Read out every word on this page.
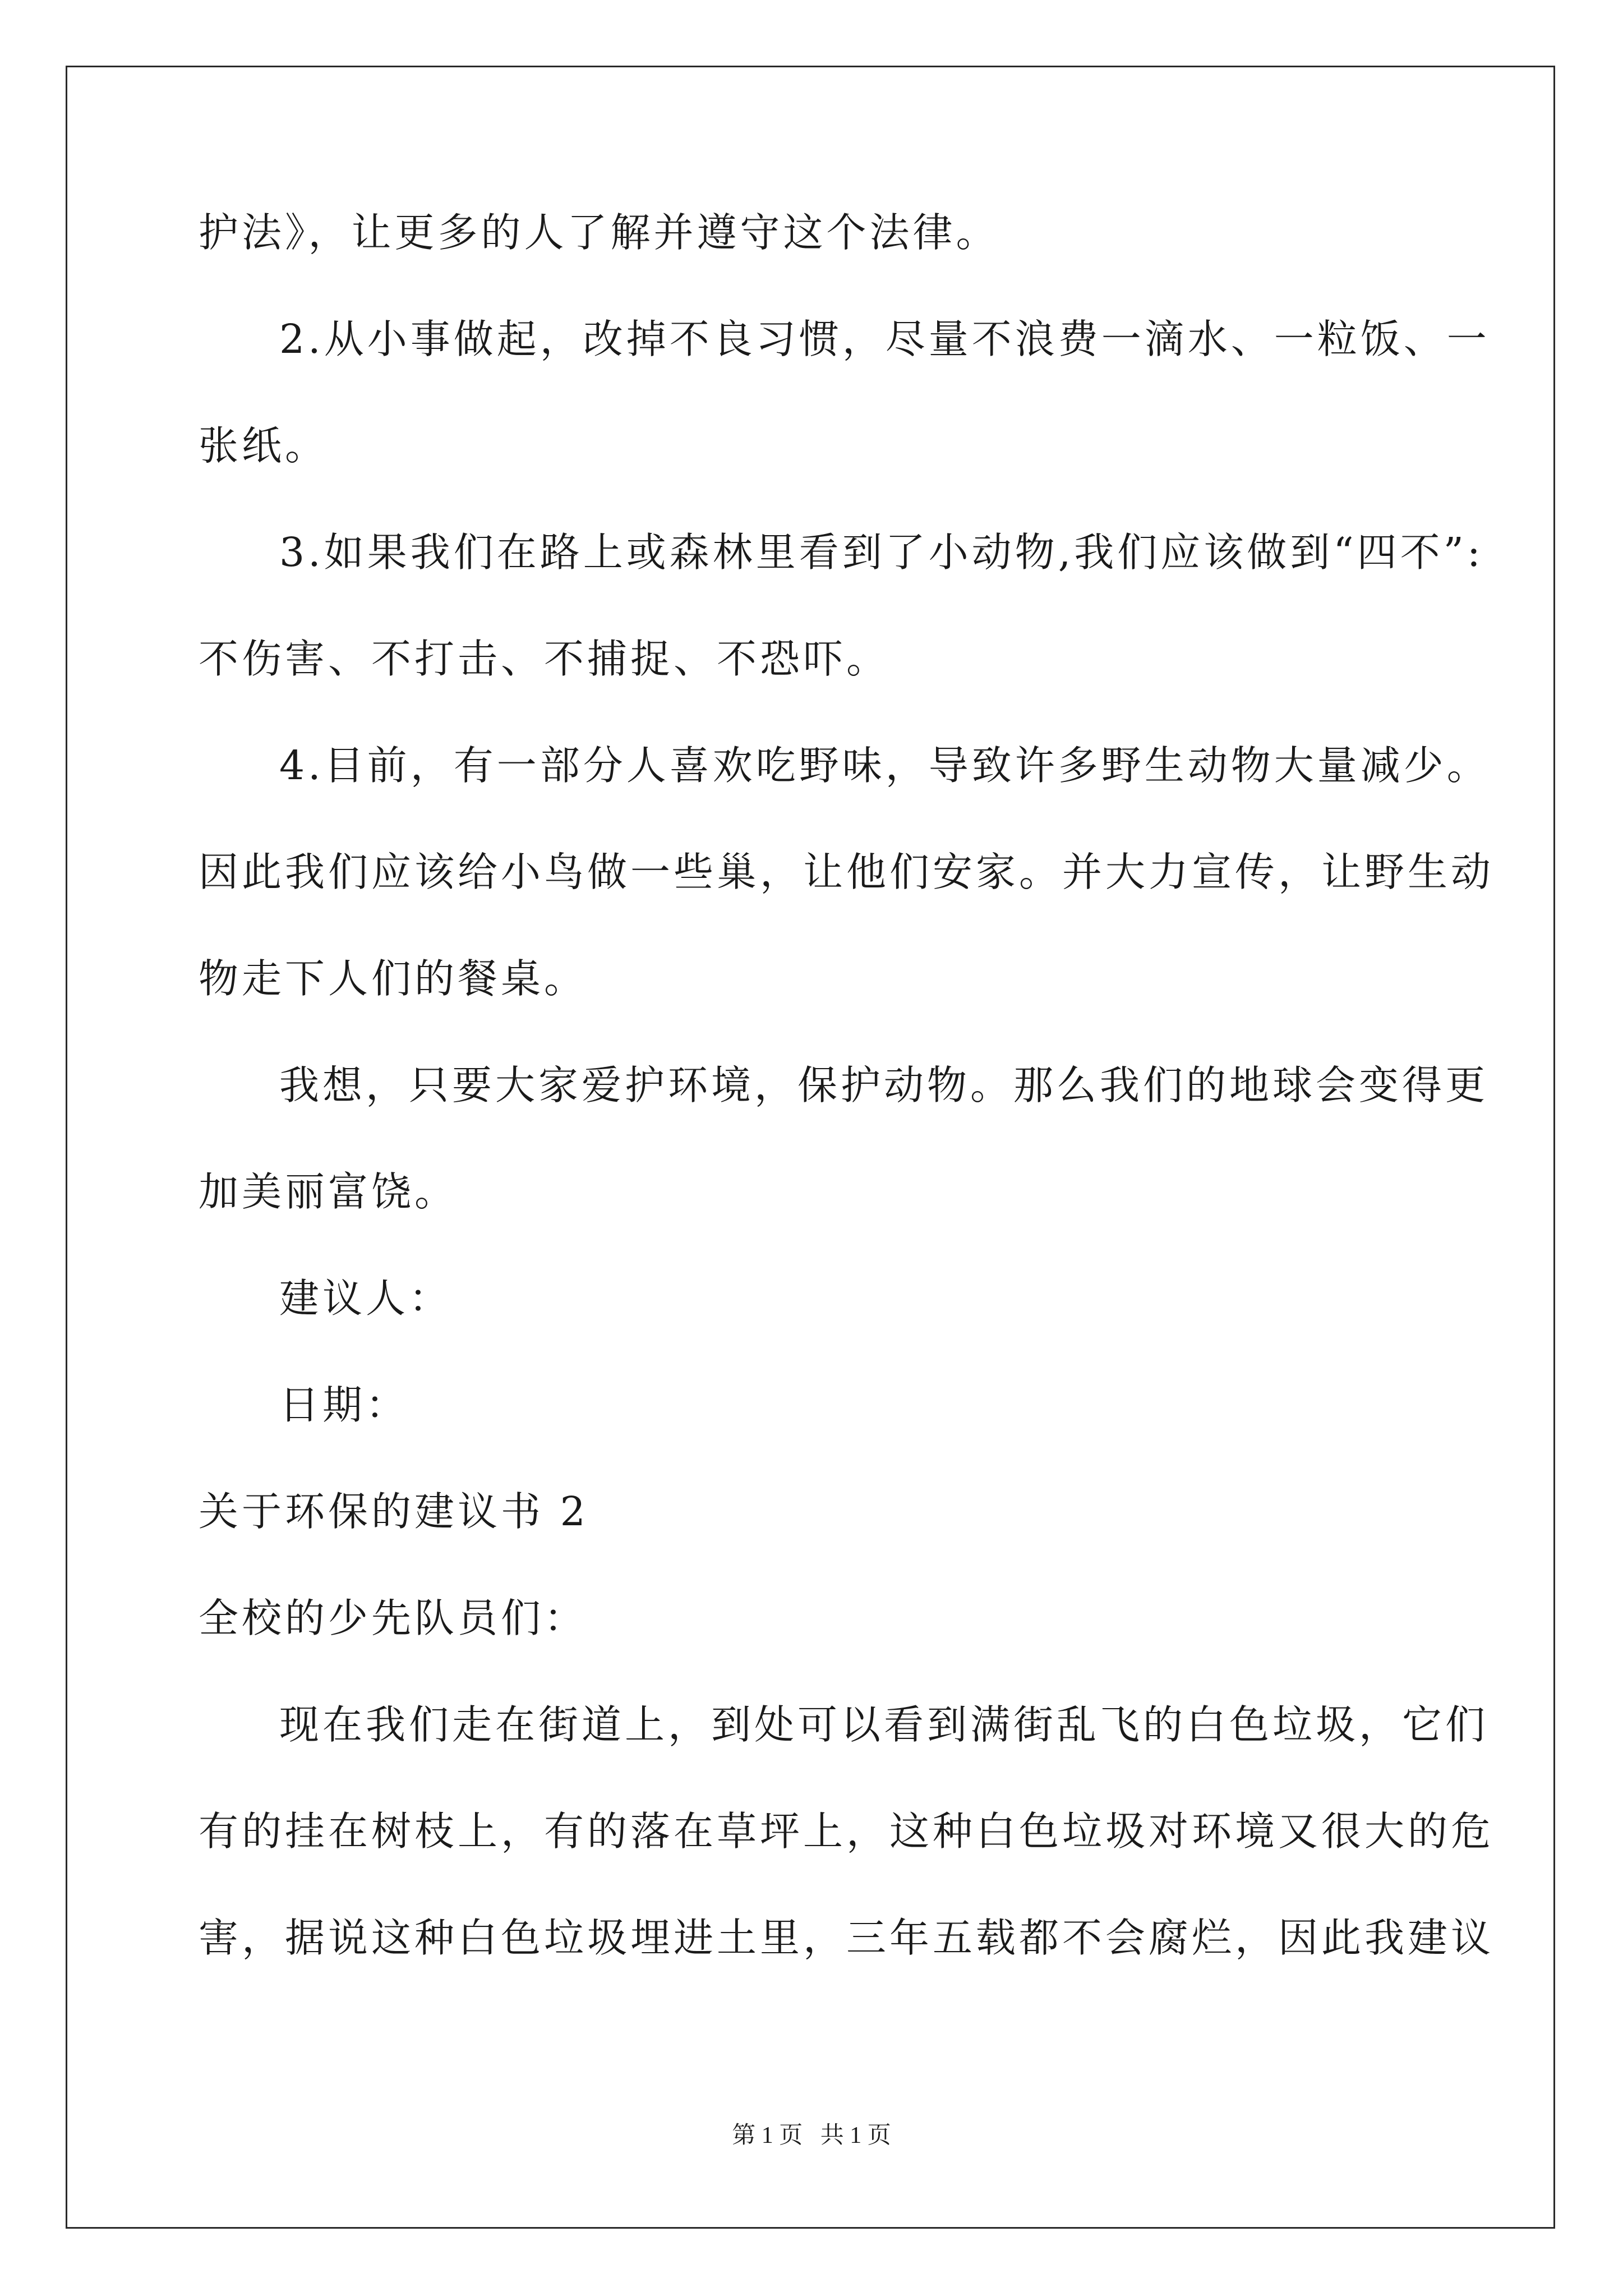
护法》，让更多的人了解并遵守这个法律。
2.从小事做起，改掉不良习惯，尽量不浪费一滴水、一粒饭、一
张纸。
3.如果我们在路上或森林里看到了小动物,我们应该做到“四不”:
不伤害、不打击、不捕捉、不恐吓。
4.目前，有一部分人喜欢吃野味，导致许多野生动物大量减少。
因此我们应该给小鸟做一些巢，让他们安家。并大力宣传，让野生动
物走下人们的餐桌。
我想，只要大家爱护环境，保护动物。那么我们的地球会变得更
加美丽富饶。
建议人：
日期：
关于环保的建议书 2
全校的少先队员们：
现在我们走在街道上，到处可以看到满街乱飞的白色垃圾，它们
有的挂在树枝上，有的落在草坪上，这种白色垃圾对环境又很大的危
害，据说这种白色垃圾埋进土里，三年五载都不会腐烂，因此我建议
第 1 页   共 1 页
